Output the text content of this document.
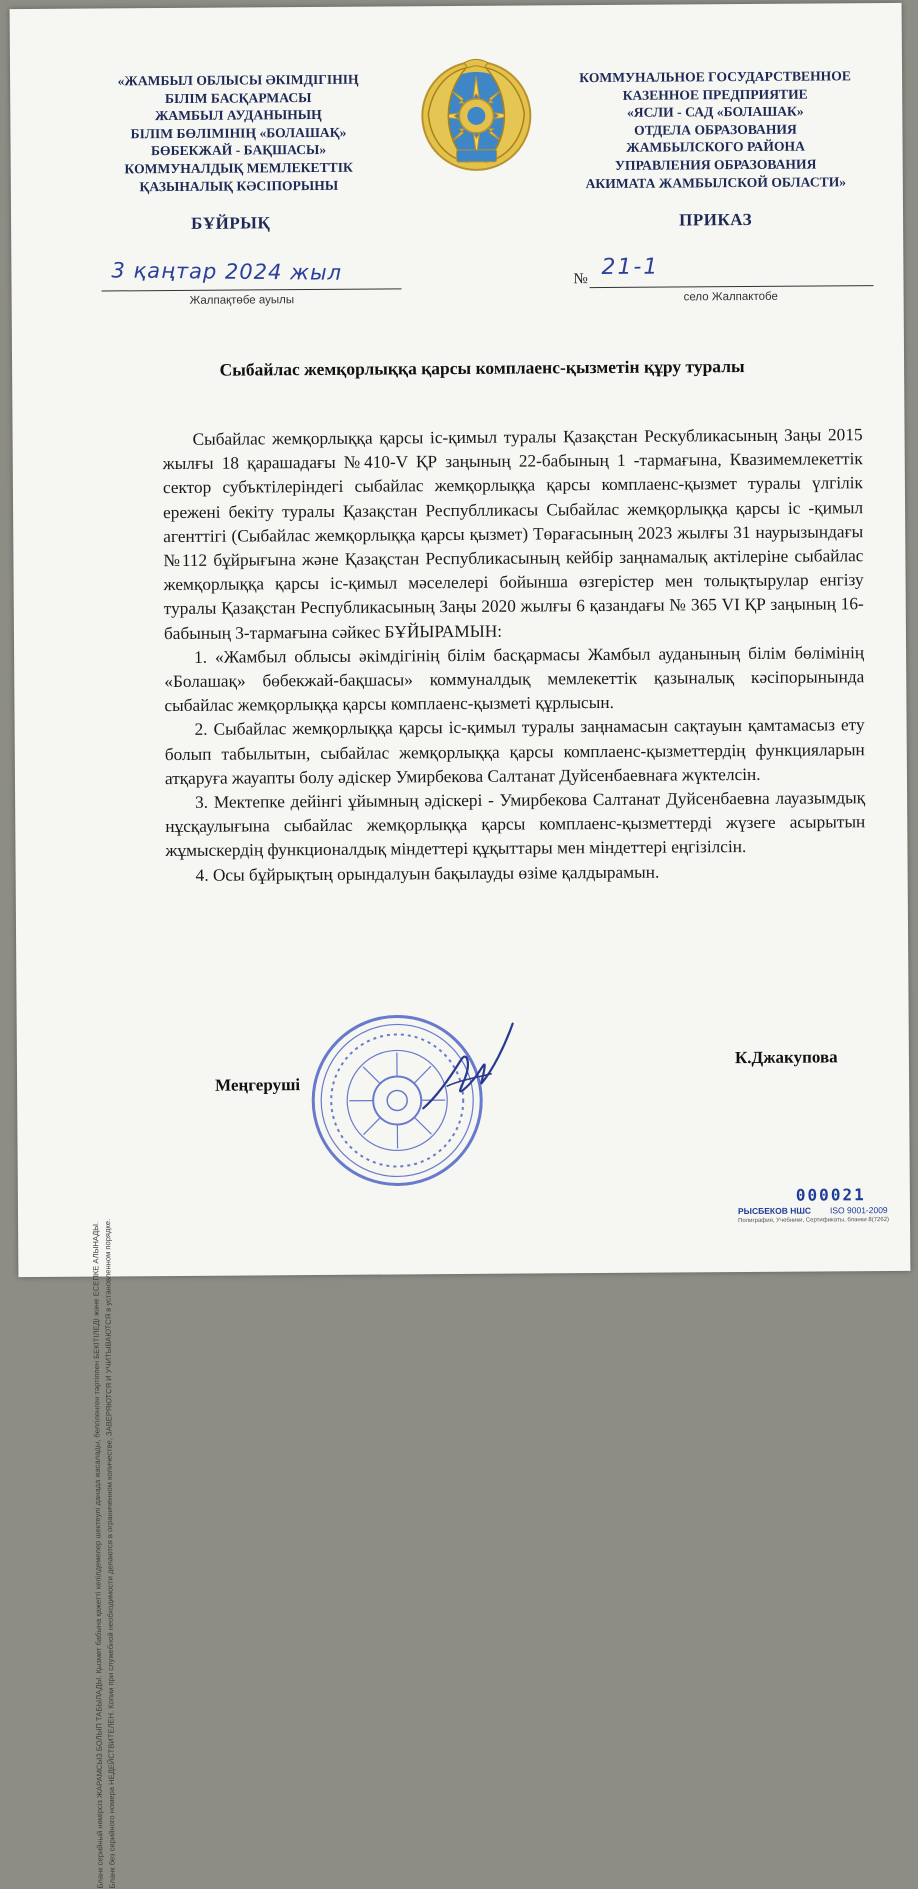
«ЖАМБЫЛ ОБЛЫСЫ ӘКІМДІГІНІҢ
БІЛІМ БАСҚАРМАСЫ
ЖАМБЫЛ АУДАНЫНЫҢ
БІЛІМ БӨЛІМІНІҢ «БОЛАШАҚ»
БӨБЕКЖАЙ - БАҚШАСЫ»
КОММУНАЛДЫҚ МЕМЛЕКЕТТІК
ҚАЗЫНАЛЫҚ КӘСІПОРЫНЫ
КОММУНАЛЬНОЕ ГОСУДАРСТВЕННОЕ
КАЗЕННОЕ ПРЕДПРИЯТИЕ
«ЯСЛИ - САД «БОЛАШАК»
ОТДЕЛА ОБРАЗОВАНИЯ
ЖАМБЫЛСКОГО РАЙОНА
УПРАВЛЕНИЯ ОБРАЗОВАНИЯ
АКИМАТА ЖАМБЫЛСКОЙ ОБЛАСТИ»
БҰЙРЫҚ	ПРИКАЗ
3 қаңтар 2024 жыл
Жалпақтөбе ауылы
№ 21-1
село Жалпактобе
Сыбайлас жемқорлыққа қарсы комплаенс-қызметін құру туралы

Сыбайлас жемқорлыққа қарсы іс-қимыл туралы Қазақстан Рескубликасының Заңы 2015 жылғы 18 қарашадағы №410-V ҚР заңының 22-бабының 1 -тармағына, Квазимемлекеттік сектор субъктілеріндегі сыбайлас жемқорлыққа қарсы комплаенс-қызмет туралы үлгілік ережені бекіту туралы Қазақстан Республликасы Сыбайлас жемқорлыққа қарсы іс -қимыл агенттігі (Сыбайлас жемқорлыққа қарсы қызмет) Төрағасының 2023 жылғы 31 наурызындағы №112 бұйрығына және Қазақстан Республикасының кейбір заңнамалық актілеріне сыбайлас жемқорлыққа қарсы іс-қимыл мәселелері бойынша өзгерістер мен толықтырулар енгізу туралы Қазақстан Республикасының Заңы 2020 жылғы 6 қазандағы № 365 VI ҚР заңының 16-бабының 3-тармағына сәйкес БҰЙЫРАМЫН:

1. «Жамбыл облысы әкімдігінің білім басқармасы Жамбыл ауданының білім бөлімінің «Болашақ» бөбекжай-бақшасы» коммуналдық мемлекеттік қазыналық кәсіпорынында сыбайлас жемқорлыққа қарсы комплаенс-қызметі құрлысын.

2. Сыбайлас жемқорлыққа қарсы іс-қимыл туралы заңнамасын сақтауын қамтамасыз ету болып табылытын, сыбайлас жемқорлыққа қарсы комплаенс-қызметтердің функцияларын атқаруға жауапты болу әдіскер Умирбекова Салтанат Дуйсенбаевнаға жүктелсін.

3. Мектепке дейінгі ұйымның әдіскері - Умирбекова Салтанат Дуйсенбаевна лауазымдық нұсқаулығына сыбайлас жемқорлыққа қарсы комплаенс-қызметтерді жүзеге асырытын жұмыскердің функционалдық міндеттері құқыттары мен міндеттері еңгізілсін.

4. Осы бұйрықтың орындалуын бақылауды өзіме қалдырамын.

Меңгеруші
К.Джакупова
Бланк серийный нөмірсіз ЖАРАМСЫЗ БОЛЫП ТАБЫЛАДЫ. Қызмет бабына қажетті кепілдемелер шектеулі данада жасалады, белгіленген тәртіппен БЕКІТІЛЕДІ және ЕСЕПКЕ АЛЫНАДЫ.
Бланк без серийного номера НЕДЕЙСТВИТЕЛЕН. Копии при служебной необходимости делаются в ограниченном количестве, ЗАВЕРЯЮТСЯ И УЧИТЫВАЮТСЯ в установленном порядке.
000021
РЫСБЕКОВ НШС ISO 9001-2009
Полиграфия, Учебники, Сертификаты, бланки 8(7262)
